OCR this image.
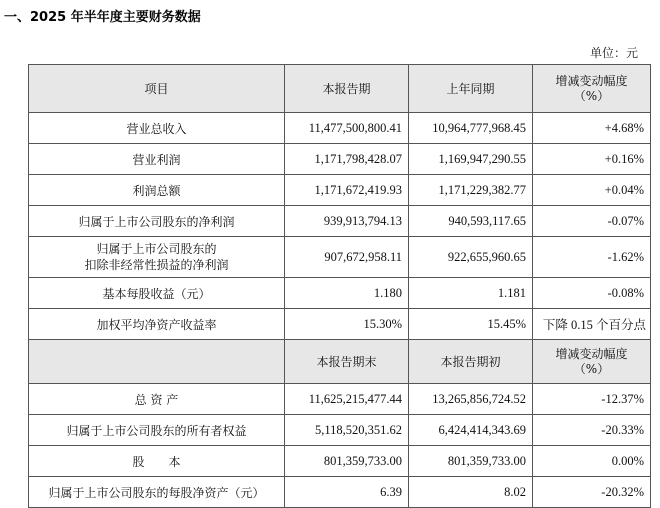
一、2025 年半年度主要财务数据
单位：元
项目	本报告期	上年同期	增减变动幅度
（%）

营业总收入	11,477,500,800.41	10,964,777,968.45	+4.68%
营业利润	1,171,798,428.07	1,169,947,290.55	+0.16%
利润总额	1,171,672,419.93	1,171,229,382.77	+0.04%
归属于上市公司股东的净利润	939,913,794.13	940,593,117.65	-0.07%

归属于上市公司股东的
扣除非经常性损益的净利润	907,672,958.11	922,655,960.65	-1.62%
基本每股收益（元）	1.180	1.181	-0.08%
加权平均净资产收益率	15.30%	15.45%	下降 0.15 个百分点
	本报告期末	本报告期初	增减变动幅度
（%）

总 资 产	11,625,215,477.44	13,265,856,724.52	-12.37%
归属于上市公司股东的所有者权益	5,118,520,351.62	6,424,414,343.69	-20.33%
股　　本	801,359,733.00	801,359,733.00	0.00%
归属于上市公司股东的每股净资产（元）	6.39	8.02	-20.32%
